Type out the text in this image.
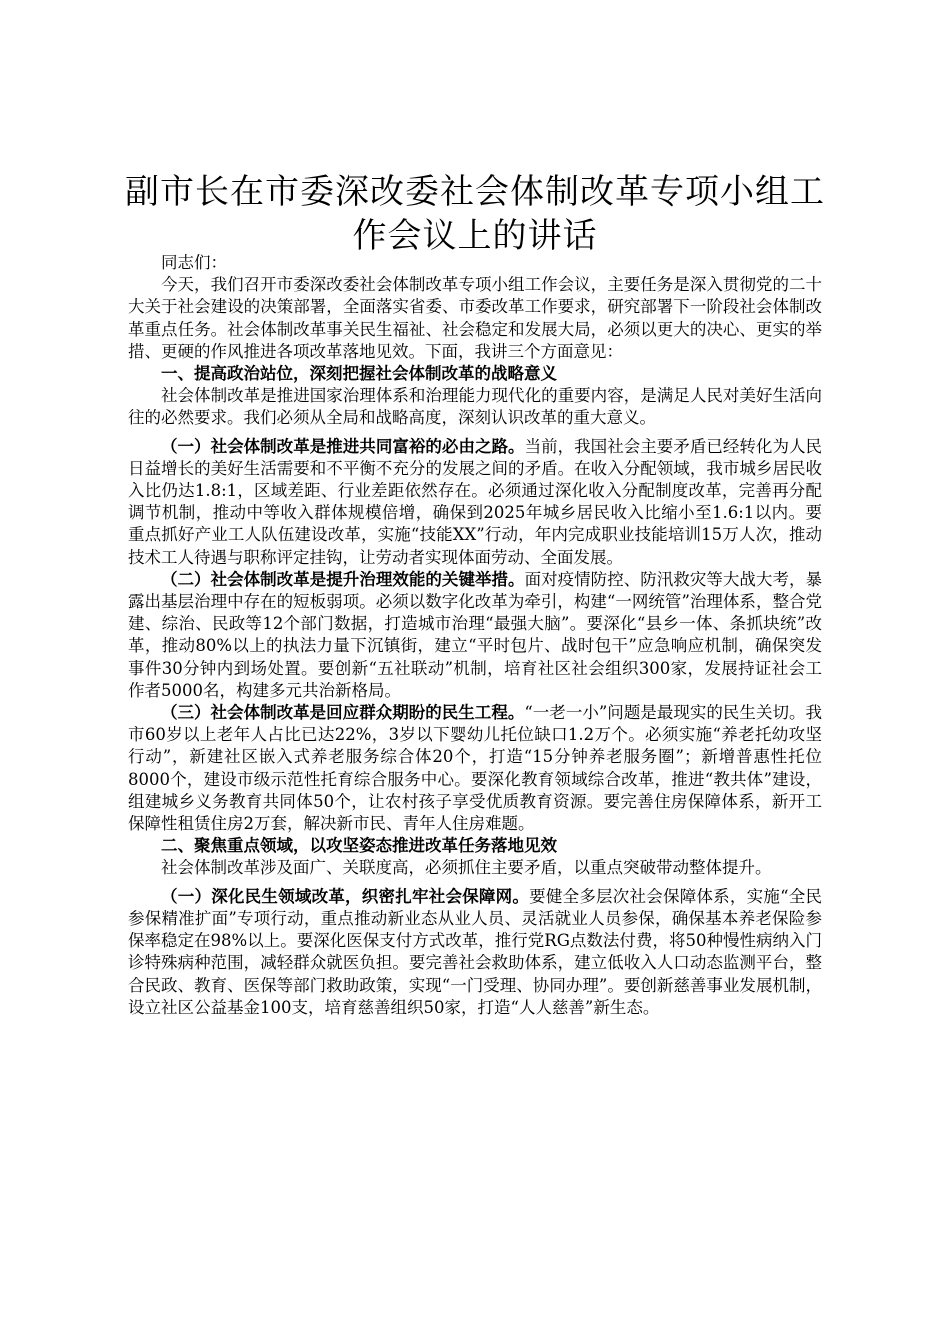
副市长在市委深改委社会体制改革专项小组工作会议上的讲话

同志们：

今天，我们召开市委深改委社会体制改革专项小组工作会议，主要任务是深入贯彻党的二十大关于社会建设的决策部署，全面落实省委、市委改革工作要求，研究部署下一阶段社会体制改革重点任务。社会体制改革事关民生福祉、社会稳定和发展大局，必须以更大的决心、更实的举措、更硬的作风推进各项改革落地见效。下面，我讲三个方面意见：

一、提高政治站位，深刻把握社会体制改革的战略意义

社会体制改革是推进国家治理体系和治理能力现代化的重要内容，是满足人民对美好生活向往的必然要求。我们必须从全局和战略高度，深刻认识改革的重大意义。

（一）社会体制改革是推进共同富裕的必由之路。当前，我国社会主要矛盾已经转化为人民日益增长的美好生活需要和不平衡不充分的发展之间的矛盾。在收入分配领域，我市城乡居民收入比仍达1.8:1，区域差距、行业差距依然存在。必须通过深化收入分配制度改革，完善再分配调节机制，推动中等收入群体规模倍增，确保到2025年城乡居民收入比缩小至1.6:1以内。要重点抓好产业工人队伍建设改革，实施“技能XX”行动，年内完成职业技能培训15万人次，推动技术工人待遇与职称评定挂钩，让劳动者实现体面劳动、全面发展。

（二）社会体制改革是提升治理效能的关键举措。面对疫情防控、防汛救灾等大战大考，暴露出基层治理中存在的短板弱项。必须以数字化改革为牵引，构建“一网统管”治理体系，整合党建、综治、民政等12个部门数据，打造城市治理“最强大脑”。要深化“县乡一体、条抓块统”改革，推动80%以上的执法力量下沉镇街，建立“平时包片、战时包干”应急响应机制，确保突发事件30分钟内到场处置。要创新“五社联动”机制，培育社区社会组织300家，发展持证社会工作者5000名，构建多元共治新格局。

（三）社会体制改革是回应群众期盼的民生工程。“一老一小”问题是最现实的民生关切。我市60岁以上老年人占比已达22%，3岁以下婴幼儿托位缺口1.2万个。必须实施“养老托幼攻坚行动”，新建社区嵌入式养老服务综合体20个，打造“15分钟养老服务圈”；新增普惠性托位8000个，建设市级示范性托育综合服务中心。要深化教育领域综合改革，推进“教共体”建设，组建城乡义务教育共同体50个，让农村孩子享受优质教育资源。要完善住房保障体系，新开工保障性租赁住房2万套，解决新市民、青年人住房难题。

二、聚焦重点领域，以攻坚姿态推进改革任务落地见效

社会体制改革涉及面广、关联度高，必须抓住主要矛盾，以重点突破带动整体提升。

（一）深化民生领域改革，织密扎牢社会保障网。要健全多层次社会保障体系，实施“全民参保精准扩面”专项行动，重点推动新业态从业人员、灵活就业人员参保，确保基本养老保险参保率稳定在98%以上。要深化医保支付方式改革，推行党RG点数法付费，将50种慢性病纳入门诊特殊病种范围，减轻群众就医负担。要完善社会救助体系，建立低收入人口动态监测平台，整合民政、教育、医保等部门救助政策，实现“一门受理、协同办理”。要创新慈善事业发展机制，设立社区公益基金100支，培育慈善组织50家，打造“人人慈善”新生态。
